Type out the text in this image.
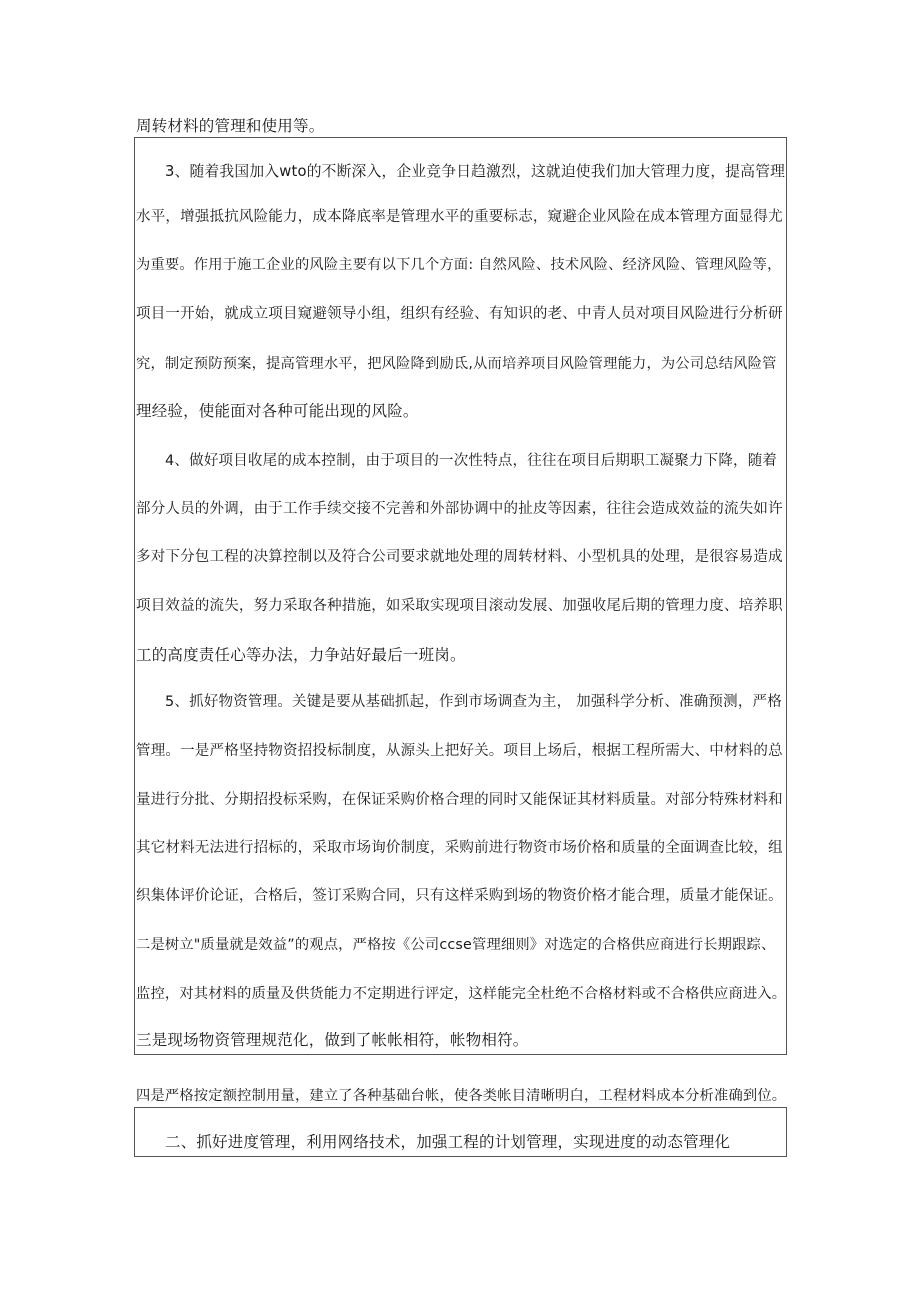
周转材料的管理和使用等。
3、随着我国加入wto的不断深入，企业竞争日趋激烈，这就迫使我们加大管理力度，提高管理
水平，增强抵抗风险能力，成本降底率是管理水平的重要标志，窥避企业风险在成本管理方面显得尤
为重要。作用于施工企业的风险主要有以下几个方面: 自然风险、技术风险、经济风险、管理风险等，
项目一开始，就成立项目窥避领导小组，组织有经验、有知识的老、中青人员对项目风险进行分析研
究，制定预防预案，提高管理水平，把风险降到励氐,从而培养项目风险管理能力，为公司总结风险管
理经验，使能面对各种可能出现的风险。
4、做好项目收尾的成本控制，由于项目的一次性特点，往往在项目后期职工凝聚力下降，随着
部分人员的外调，由于工作手续交接不完善和外部协调中的扯皮等因素，往往会造成效益的流失如许
多对下分包工程的决算控制以及符合公司要求就地处理的周转材料、小型机具的处理，是很容易造成
项目效益的流失，努力采取各种措施，如采取实现项目滚动发展、加强收尾后期的管理力度、培养职
工的高度责任心等办法，力争站好最后一班岗。
5、抓好物资管理。关键是要从基础抓起，作到市场调查为主， 加强科学分析、准确预测，严格
管理。一是严格坚持物资招投标制度，从源头上把好关。项目上场后，根据工程所需大、中材料的总
量进行分批、分期招投标采购，在保证采购价格合理的同时又能保证其材料质量。对部分特殊材料和
其它材料无法进行招标的，采取市场询价制度，采购前进行物资市场价格和质量的全面调查比较，组
织集体评价论证，合格后，签订采购合同，只有这样采购到场的物资价格才能合理，质量才能保证。
二是树立"质量就是效益”的观点，严格按《公司ccse管理细则》对选定的合格供应商进行长期跟踪、
监控，对其材料的质量及供货能力不定期进行评定，这样能完全杜绝不合格材料或不合格供应商进入。
三是现场物资管理规范化，做到了帐帐相符，帐物相符。
四是严格按定额控制用量，建立了各种基础台帐，使各类帐目清晰明白，工程材料成本分析准确到位。
二、抓好进度管理，利用网络技术，加强工程的计划管理，实现进度的动态管理化
